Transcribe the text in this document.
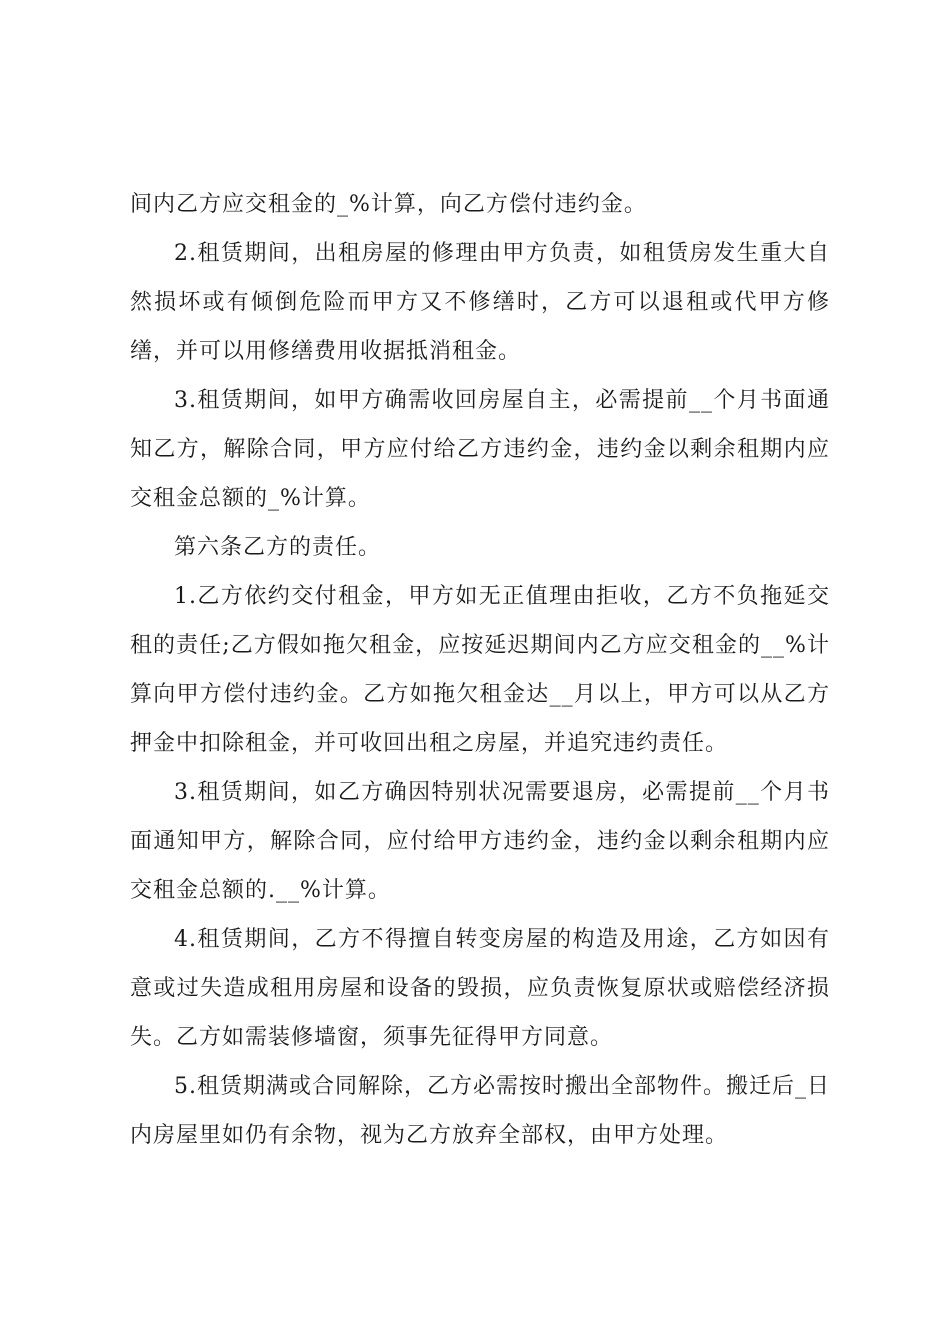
间内乙方应交租金的_%计算，向乙方偿付违约金。

2.租赁期间，出租房屋的修理由甲方负责，如租赁房发生重大自然损坏或有倾倒危险而甲方又不修缮时，乙方可以退租或代甲方修缮，并可以用修缮费用收据抵消租金。

3.租赁期间，如甲方确需收回房屋自主，必需提前__个月书面通知乙方，解除合同，甲方应付给乙方违约金，违约金以剩余租期内应交租金总额的_%计算。

第六条乙方的责任。

1.乙方依约交付租金，甲方如无正值理由拒收，乙方不负拖延交租的责任;乙方假如拖欠租金，应按延迟期间内乙方应交租金的__%计算向甲方偿付违约金。乙方如拖欠租金达__月以上，甲方可以从乙方押金中扣除租金，并可收回出租之房屋，并追究违约责任。

3.租赁期间，如乙方确因特别状况需要退房，必需提前__个月书面通知甲方，解除合同，应付给甲方违约金，违约金以剩余租期内应交租金总额的.__%计算。

4.租赁期间，乙方不得擅自转变房屋的构造及用途，乙方如因有意或过失造成租用房屋和设备的毁损，应负责恢复原状或赔偿经济损失。乙方如需装修墙窗，须事先征得甲方同意。

5.租赁期满或合同解除，乙方必需按时搬出全部物件。搬迁后_日内房屋里如仍有余物，视为乙方放弃全部权，由甲方处理。
